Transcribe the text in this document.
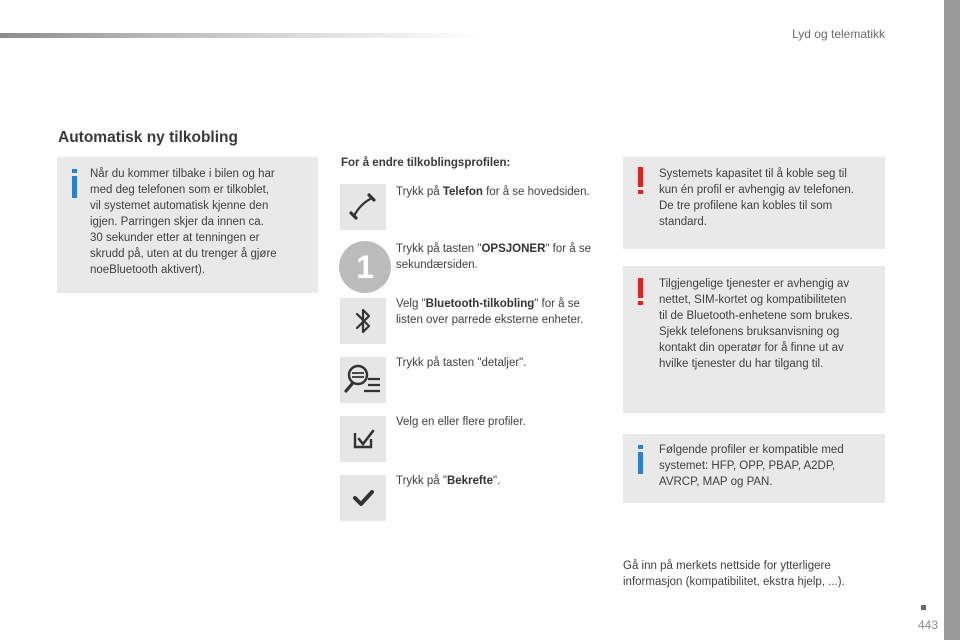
Lyd og telematikk
Automatisk ny tilkobling
Når du kommer tilbake i bilen og har
med deg telefonen som er tilkoblet,
vil systemet automatisk kjenne den
igjen. Parringen skjer da innen ca.
30 sekunder etter at tenningen er
skrudd på, uten at du trenger å gjøre
noeBluetooth aktivert).
For å endre tilkoblingsprofilen:
Trykk på Telefon for å se hovedsiden.
1	Trykk på tasten "OPSJONER" for å se sekundærsiden.
Velg "Bluetooth-tilkobling" for å se listen over parrede eksterne enheter.
Trykk på tasten "detaljer".
Velg en eller flere profiler.
Trykk på "Bekrefte".
Systemets kapasitet til å koble seg til
kun én profil er avhengig av telefonen.
De tre profilene kan kobles til som
standard.
Tilgjengelige tjenester er avhengig av
nettet, SIM-kortet og kompatibiliteten
til de Bluetooth-enhetene som brukes.
Sjekk telefonens bruksanvisning og
kontakt din operatør for å finne ut av
hvilke tjenester du har tilgang til.
Følgende profiler er kompatible med
systemet: HFP, OPP, PBAP, A2DP,
AVRCP, MAP og PAN.
Gå inn på merkets nettside for ytterligere
informasjon (kompatibilitet, ekstra hjelp, ...).
443
